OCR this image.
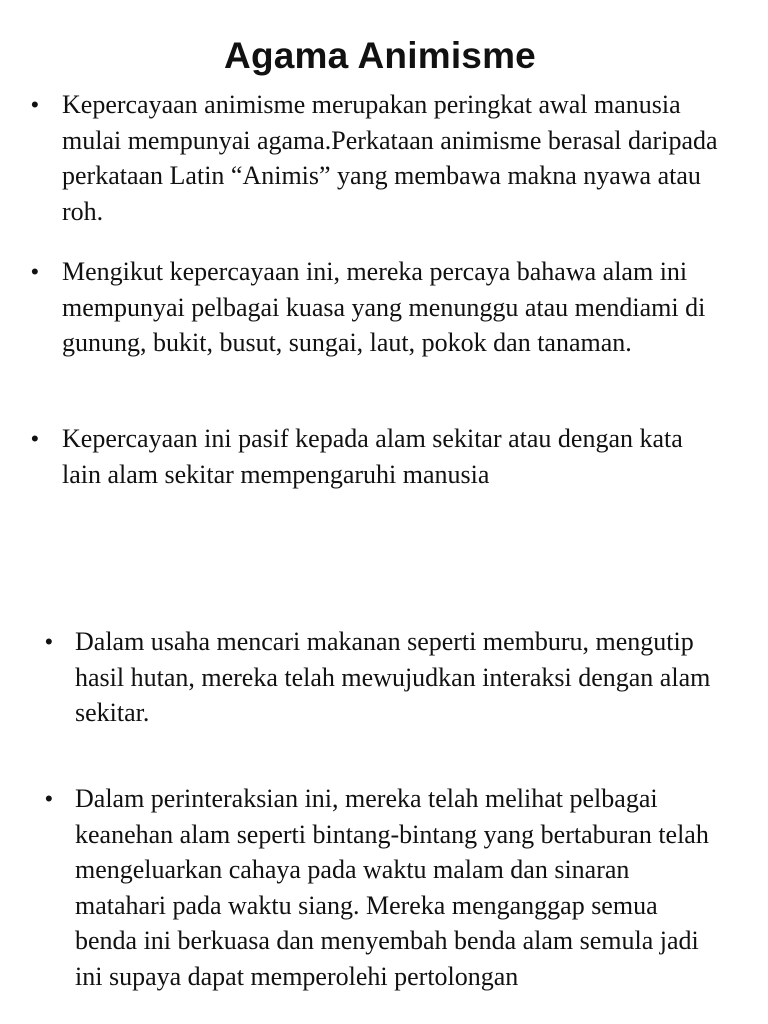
Agama Animisme
• Kepercayaan animisme merupakan peringkat awal manusia mulai mempunyai agama.Perkataan animisme berasal daripada perkataan Latin “Animis” yang membawa makna nyawa atau roh.
• Mengikut kepercayaan ini, mereka percaya bahawa alam ini mempunyai pelbagai kuasa yang menunggu atau mendiami di gunung, bukit, busut, sungai, laut, pokok dan tanaman.
• Kepercayaan ini pasif kepada alam sekitar atau dengan kata lain alam sekitar mempengaruhi manusia
• Dalam usaha mencari makanan seperti memburu, mengutip hasil hutan, mereka telah mewujudkan interaksi dengan alam sekitar.
• Dalam perinteraksian ini, mereka telah melihat pelbagai keanehan alam seperti bintang-bintang yang bertaburan telah mengeluarkan cahaya pada waktu malam dan sinaran matahari pada waktu siang. Mereka menganggap semua benda ini berkuasa dan menyembah benda alam semula jadi ini supaya dapat memperolehi pertolongan
